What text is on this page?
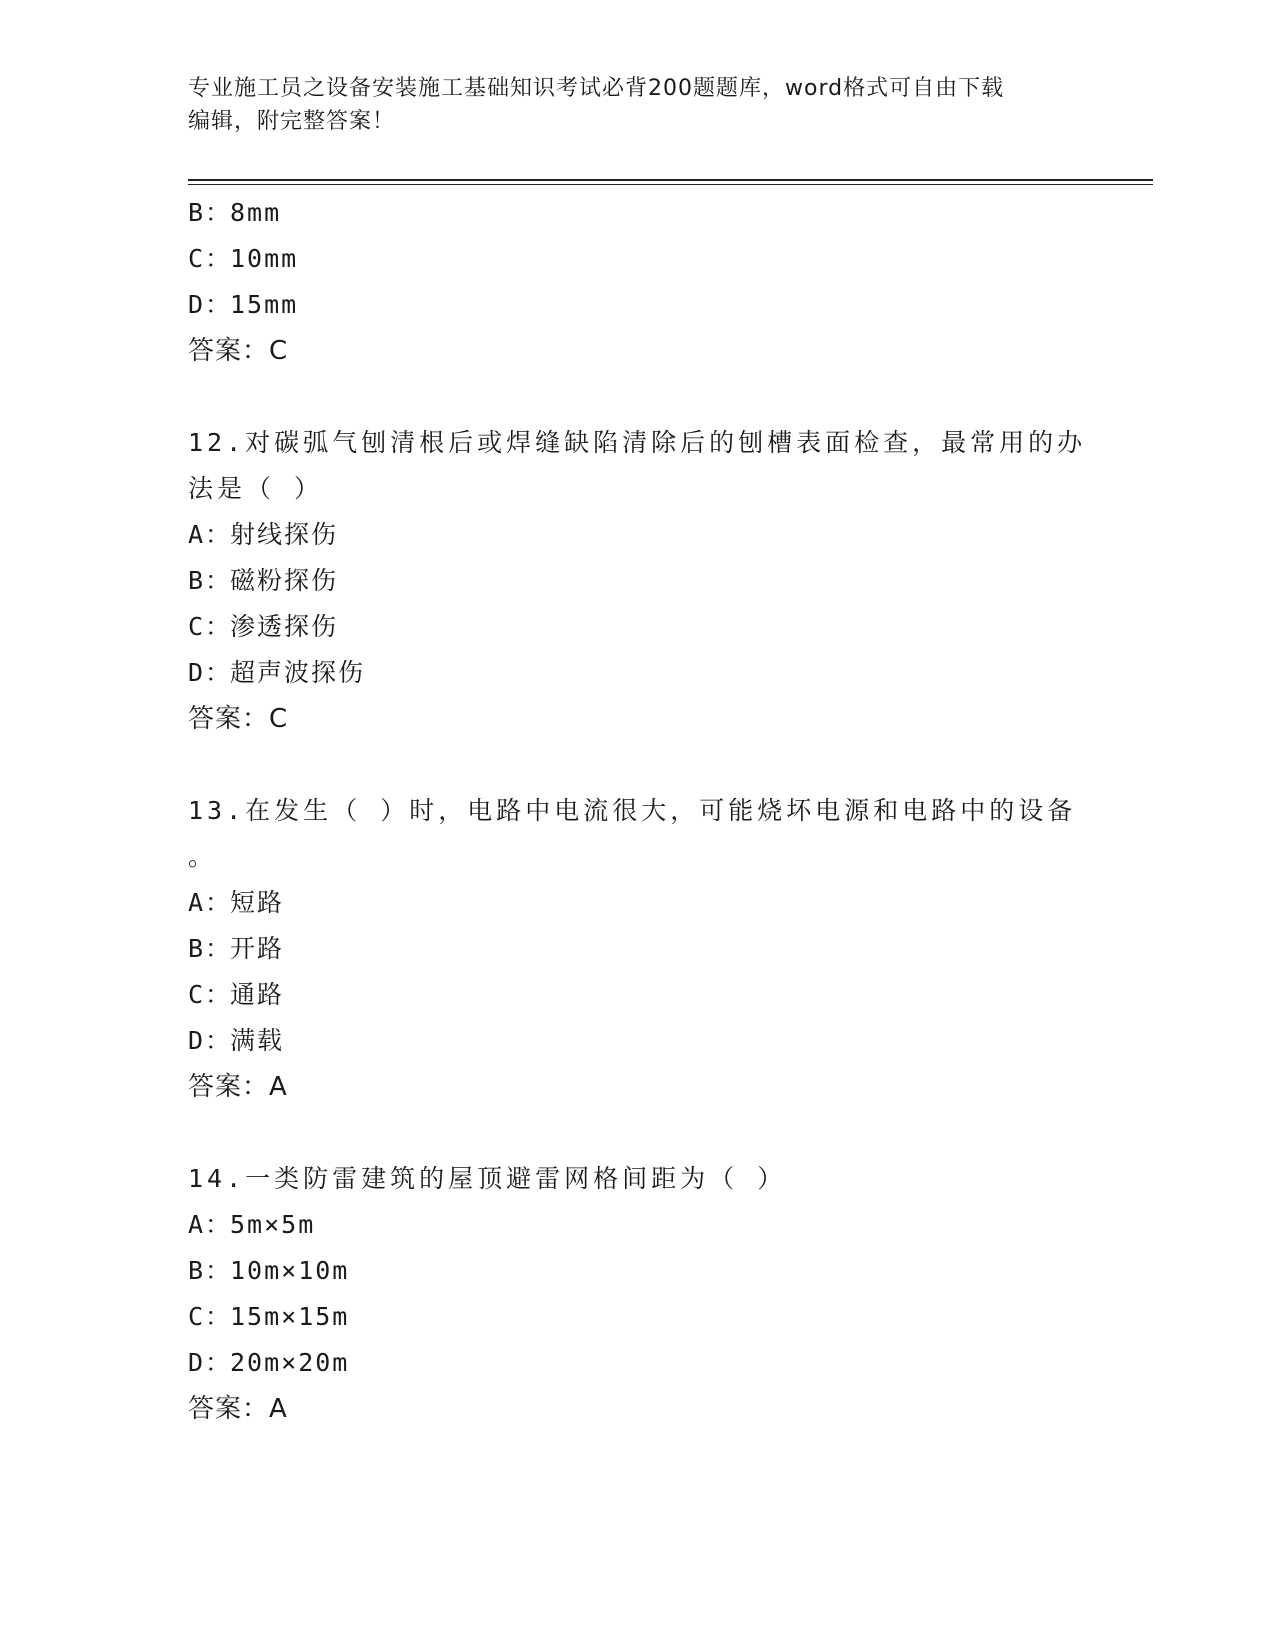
专业施工员之设备安装施工基础知识考试必背200题题库，word格式可自由下载
编辑，附完整答案！
B：8mm
C：10mm
D：15mm
答案：C
12.对碳弧气刨清根后或焊缝缺陷清除后的刨槽表面检查，最常用的办
法是（ ）
A：射线探伤
B：磁粉探伤
C：渗透探伤
D：超声波探伤
答案：C
13.在发生（ ）时，电路中电流很大，可能烧坏电源和电路中的设备
。
A：短路
B：开路
C：通路
D：满载
答案：A
14.一类防雷建筑的屋顶避雷网格间距为（ ）
A：5m×5m
B：10m×10m
C：15m×15m
D：20m×20m
答案：A
